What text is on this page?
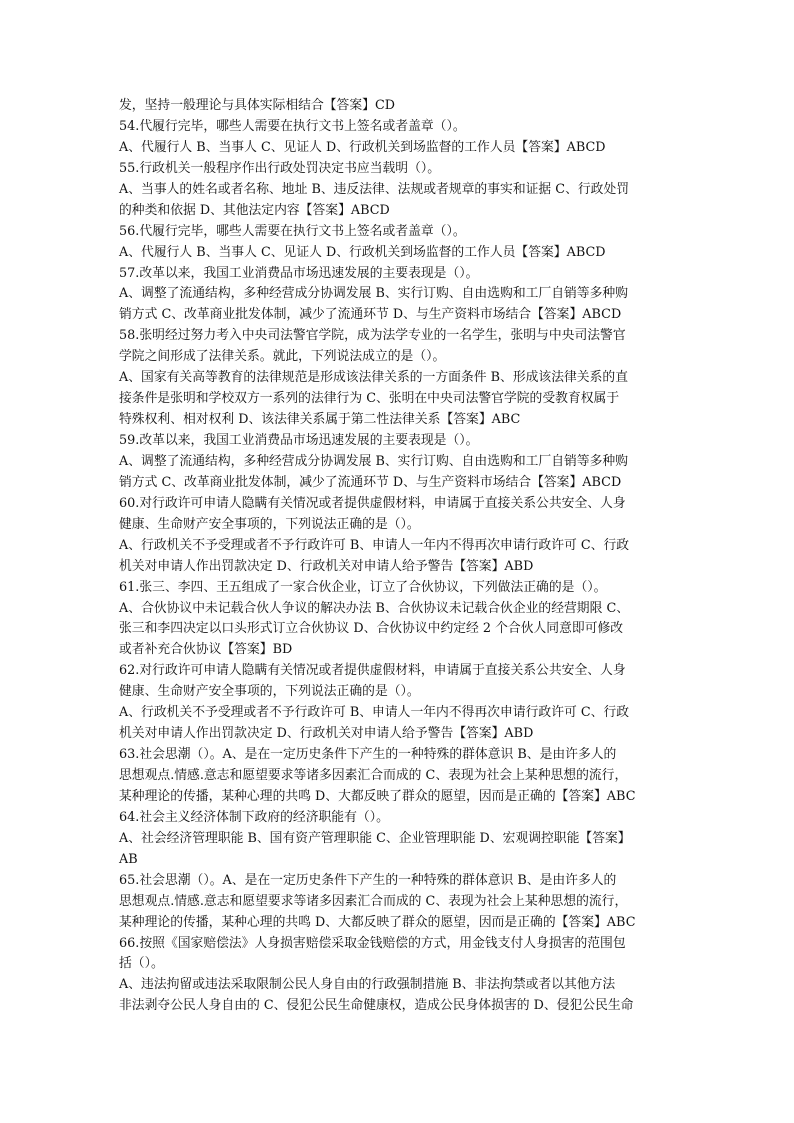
发，坚持一般理论与具体实际相结合【答案】CD
54.代履行完毕，哪些人需要在执行文书上签名或者盖章（）。
A、代履行人 B、当事人 C、见证人 D、行政机关到场监督的工作人员【答案】ABCD
55.行政机关一般程序作出行政处罚决定书应当载明（）。
A、当事人的姓名或者名称、地址 B、违反法律、法规或者规章的事实和证据 C、行政处罚
的种类和依据 D、其他法定内容【答案】ABCD
56.代履行完毕，哪些人需要在执行文书上签名或者盖章（）。
A、代履行人 B、当事人 C、见证人 D、行政机关到场监督的工作人员【答案】ABCD
57.改革以来，我国工业消费品市场迅速发展的主要表现是（）。
A、调整了流通结构，多种经营成分协调发展 B、实行订购、自由选购和工厂自销等多种购
销方式 C、改革商业批发体制，减少了流通环节 D、与生产资料市场结合【答案】ABCD
58.张明经过努力考入中央司法警官学院，成为法学专业的一名学生，张明与中央司法警官
学院之间形成了法律关系。就此，下列说法成立的是（）。
A、国家有关高等教育的法律规范是形成该法律关系的一方面条件 B、形成该法律关系的直
接条件是张明和学校双方一系列的法律行为 C、张明在中央司法警官学院的受教育权属于
特殊权利、相对权利 D、该法律关系属于第二性法律关系【答案】ABC
59.改革以来，我国工业消费品市场迅速发展的主要表现是（）。
A、调整了流通结构，多种经营成分协调发展 B、实行订购、自由选购和工厂自销等多种购
销方式 C、改革商业批发体制，减少了流通环节 D、与生产资料市场结合【答案】ABCD
60.对行政许可申请人隐瞒有关情况或者提供虚假材料，申请属于直接关系公共安全、人身
健康、生命财产安全事项的，下列说法正确的是（）。
A、行政机关不予受理或者不予行政许可 B、申请人一年内不得再次申请行政许可 C、行政
机关对申请人作出罚款决定 D、行政机关对申请人给予警告【答案】ABD
61.张三、李四、王五组成了一家合伙企业，订立了合伙协议，下列做法正确的是（）。
A、合伙协议中未记载合伙人争议的解决办法 B、合伙协议未记载合伙企业的经营期限 C、
张三和李四决定以口头形式订立合伙协议 D、合伙协议中约定经 2 个合伙人同意即可修改
或者补充合伙协议【答案】BD
62.对行政许可申请人隐瞒有关情况或者提供虚假材料，申请属于直接关系公共安全、人身
健康、生命财产安全事项的，下列说法正确的是（）。
A、行政机关不予受理或者不予行政许可 B、申请人一年内不得再次申请行政许可 C、行政
机关对申请人作出罚款决定 D、行政机关对申请人给予警告【答案】ABD
63.社会思潮（）。A、是在一定历史条件下产生的一种特殊的群体意识 B、是由许多人的
思想观点.情感.意志和愿望要求等诸多因素汇合而成的 C、表现为社会上某种思想的流行，
某种理论的传播，某种心理的共鸣 D、大都反映了群众的愿望，因而是正确的【答案】ABC
64.社会主义经济体制下政府的经济职能有（）。
A、社会经济管理职能 B、国有资产管理职能 C、企业管理职能 D、宏观调控职能【答案】
AB
65.社会思潮（）。A、是在一定历史条件下产生的一种特殊的群体意识 B、是由许多人的
思想观点.情感.意志和愿望要求等诸多因素汇合而成的 C、表现为社会上某种思想的流行，
某种理论的传播，某种心理的共鸣 D、大都反映了群众的愿望，因而是正确的【答案】ABC
66.按照《国家赔偿法》人身损害赔偿采取金钱赔偿的方式，用金钱支付人身损害的范围包
括（）。
A、违法拘留或违法采取限制公民人身自由的行政强制措施 B、非法拘禁或者以其他方法
非法剥夺公民人身自由的 C、侵犯公民生命健康权，造成公民身体损害的 D、侵犯公民生命
